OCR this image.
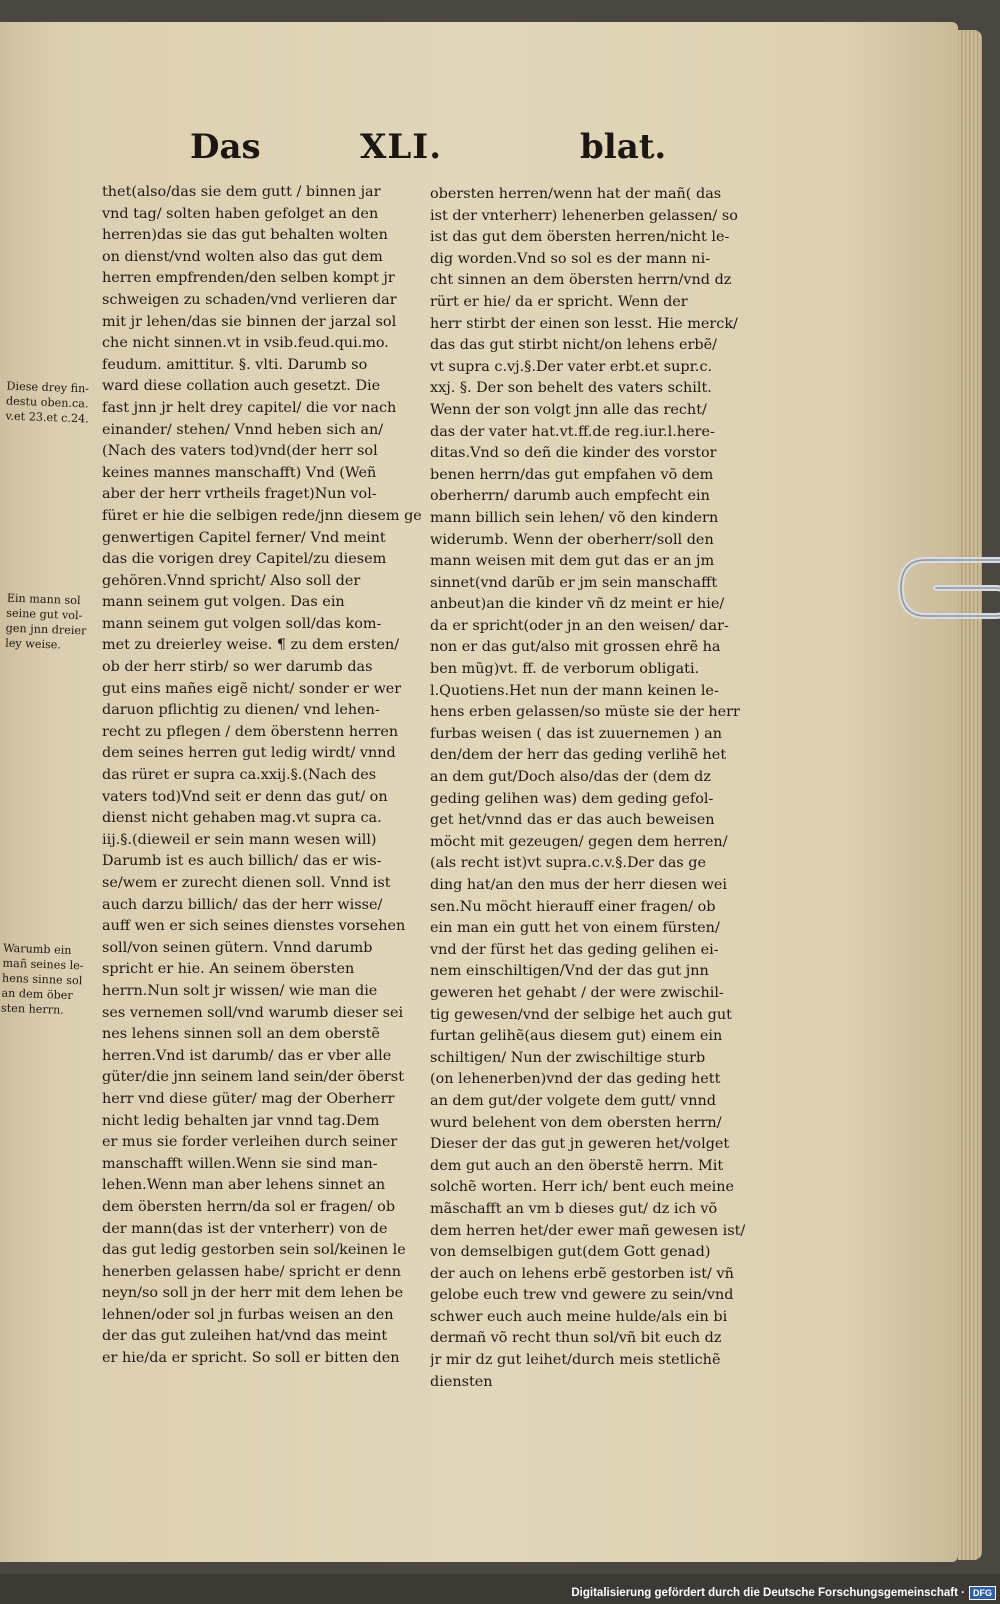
Das	XLI.	blat.
Diese drey fin-
destu oben.ca.
v.et 23.et c.24.
Ein mann sol
seine gut vol-
gen jnn dreier
ley weise.
Warumb ein
mañ seines le-
hens sinne sol
an dem öber
sten herrn.
thet(also/das sie dem gutt / binnen jar
vnd tag/ solten haben gefolget an den
herren)das sie das gut behalten wolten
on dienst/vnd wolten also das gut dem
herren empfrenden/den selben kompt jr
schweigen zu schaden/vnd verlieren dar
mit jr lehen/das sie binnen der jarzal sol
che nicht sinnen.vt in vsib.feud.qui.mo.
feudum. amittitur. §. vlti. Darumb so
ward diese collation auch gesetzt. Die
fast jnn jr helt drey capitel/ die vor nach
einander/ stehen/ Vnnd heben sich an/
(Nach des vaters tod)vnd(der herr sol
keines mannes manschafft) Vnd (Weñ
aber der herr vrtheils fraget)Nun vol-
füret er hie die selbigen rede/jnn diesem ge
genwertigen Capitel ferner/ Vnd meint
das die vorigen drey Capitel/zu diesem
gehören.Vnnd spricht/ Also soll der
mann seinem gut volgen. Das ein
mann seinem gut volgen soll/das kom-
met zu dreierley weise. ¶ zu dem ersten/
ob der herr stirb/ so wer darumb das
gut eins mañes eigẽ nicht/ sonder er wer
daruon pflichtig zu dienen/ vnd lehen-
recht zu pflegen / dem öberstenn herren
dem seines herren gut ledig wirdt/ vnnd
das rüret er supra ca.xxij.§.(Nach des
vaters tod)Vnd seit er denn das gut/ on
dienst nicht gehaben mag.vt supra ca.
iij.§.(dieweil er sein mann wesen will)
Darumb ist es auch billich/ das er wis-
se/wem er zurecht dienen soll. Vnnd ist
auch darzu billich/ das der herr wisse/
auff wen er sich seines dienstes vorsehen
soll/von seinen gütern. Vnnd darumb
spricht er hie. An seinem öbersten
herrn.Nun solt jr wissen/ wie man die
ses vernemen soll/vnd warumb dieser sei
nes lehens sinnen soll an dem oberstẽ
herren.Vnd ist darumb/ das er vber alle
güter/die jnn seinem land sein/der öberst
herr vnd diese güter/ mag der Oberherr
nicht ledig behalten jar vnnd tag.Dem
er mus sie forder verleihen durch seiner
manschafft willen.Wenn sie sind man-
lehen.Wenn man aber lehens sinnet an
dem öbersten herrn/da sol er fragen/ ob
der mann(das ist der vnterherr) von de
das gut ledig gestorben sein sol/keinen le
henerben gelassen habe/ spricht er denn
neyn/so soll jn der herr mit dem lehen be
lehnen/oder sol jn furbas weisen an den
der das gut zuleihen hat/vnd das meint
er hie/da er spricht. So soll er bitten den
obersten herren/wenn hat der mañ( das
ist der vnterherr) lehenerben gelassen/ so
ist das gut dem öbersten herren/nicht le-
dig worden.Vnd so sol es der mann ni-
cht sinnen an dem öbersten herrn/vnd dz
rürt er hie/ da er spricht. Wenn der
herr stirbt der einen son lesst. Hie merck/
das das gut stirbt nicht/on lehens erbẽ/
vt supra c.vj.§.Der vater erbt.et supr.c.
xxj. §. Der son behelt des vaters schilt.
Wenn der son volgt jnn alle das recht/
das der vater hat.vt.ff.de reg.iur.l.here-
ditas.Vnd so deñ die kinder des vorstor
benen herrn/das gut empfahen võ dem
oberherrn/ darumb auch empfecht ein
mann billich sein lehen/ võ den kindern
widerumb. Wenn der oberherr/soll den
mann weisen mit dem gut das er an jm
sinnet(vnd darũb er jm sein manschafft
anbeut)an die kinder vñ dz meint er hie/
da er spricht(oder jn an den weisen/ dar-
non er das gut/also mit grossen ehrẽ ha
ben mũg)vt. ff. de verborum obligati.
l.Quotiens.Het nun der mann keinen le-
hens erben gelassen/so müste sie der herr
furbas weisen ( das ist zuuernemen ) an
den/dem der herr das geding verlihẽ het
an dem gut/Doch also/das der (dem dz
geding gelihen was) dem geding gefol-
get het/vnnd das er das auch beweisen
möcht mit gezeugen/ gegen dem herren/
(als recht ist)vt supra.c.v.§.Der das ge
ding hat/an den mus der herr diesen wei
sen.Nu möcht hierauff einer fragen/ ob
ein man ein gutt het von einem fürsten/
vnd der fürst het das geding gelihen ei-
nem einschiltigen/Vnd der das gut jnn
geweren het gehabt / der were zwischil-
tig gewesen/vnd der selbige het auch gut
furtan gelihẽ(aus diesem gut) einem ein
schiltigen/ Nun der zwischiltige sturb
(on lehenerben)vnd der das geding hett
an dem gut/der volgete dem gutt/ vnnd
wurd belehent von dem obersten herrn/
Dieser der das gut jn geweren het/volget
dem gut auch an den öberstẽ herrn. Mit
solchẽ worten. Herr ich/ bent euch meine
mãschafft an vm b dieses gut/ dz ich võ
dem herren het/der ewer mañ gewesen ist/
von demselbigen gut(dem Gott genad)
der auch on lehens erbẽ gestorben ist/ vñ
gelobe euch trew vnd gewere zu sein/vnd
schwer euch auch meine hulde/als ein bi
dermañ võ recht thun sol/vñ bit euch dz
jr mir dz gut leihet/durch meis stetlichẽ
diensten
Digitalisierung gefördert durch die Deutsche Forschungsgemeinschaft · DFG
